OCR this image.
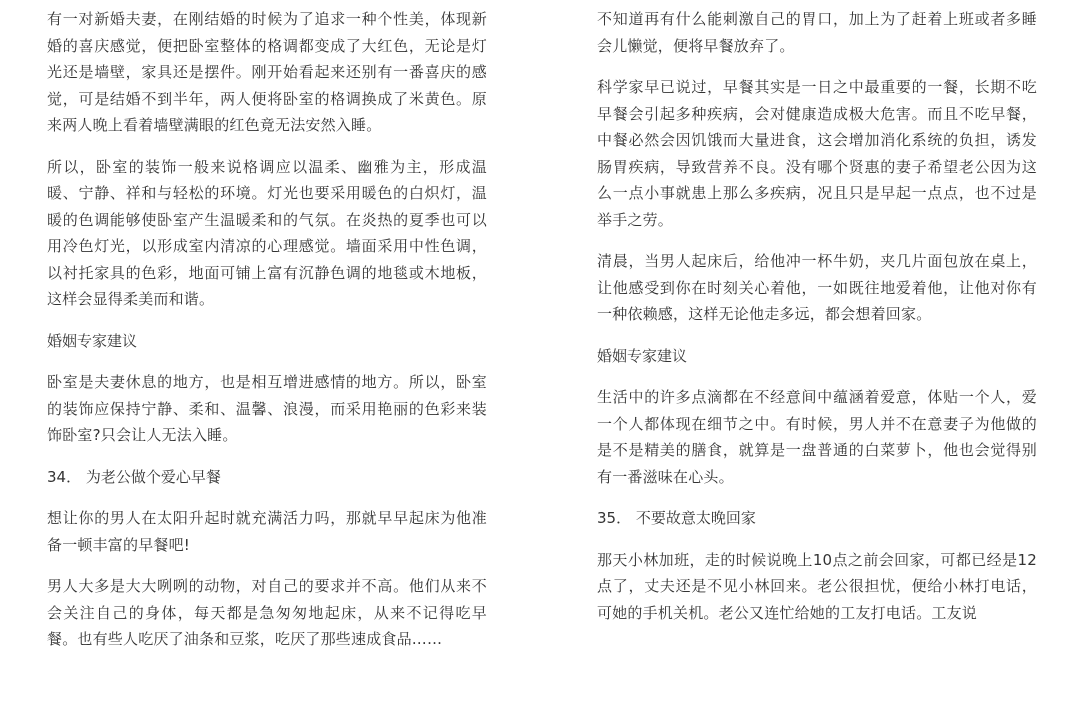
有一对新婚夫妻，在刚结婚的时候为了追求一种个性美，体现新婚的喜庆感觉，便把卧室整体的格调都变成了大红色，无论是灯光还是墙壁，家具还是摆件。刚开始看起来还别有一番喜庆的感觉，可是结婚不到半年，两人便将卧室的格调换成了米黄色。原来两人晚上看着墙壁满眼的红色竟无法安然入睡。

所以，卧室的装饰一般来说格调应以温柔、幽雅为主，形成温暖、宁静、祥和与轻松的环境。灯光也要采用暖色的白炽灯，温暖的色调能够使卧室产生温暖柔和的气氛。在炎热的夏季也可以用冷色灯光，以形成室内清凉的心理感觉。墙面采用中性色调，以衬托家具的色彩，地面可铺上富有沉静色调的地毯或木地板，这样会显得柔美而和谐。

婚姻专家建议

卧室是夫妻休息的地方，也是相互增进感情的地方。所以，卧室的装饰应保持宁静、柔和、温馨、浪漫，而采用艳丽的色彩来装饰卧室?只会让人无法入睡。

34． 为老公做个爱心早餐

想让你的男人在太阳升起时就充满活力吗，那就早早起床为他准备一顿丰富的早餐吧!

男人大多是大大咧咧的动物，对自己的要求并不高。他们从来不会关注自己的身体，每天都是急匆匆地起床，从来不记得吃早餐。也有些人吃厌了油条和豆浆，吃厌了那些速成食品……

不知道再有什么能刺激自己的胃口，加上为了赶着上班或者多睡会儿懒觉，便将早餐放弃了。

科学家早已说过，早餐其实是一日之中最重要的一餐，长期不吃早餐会引起多种疾病，会对健康造成极大危害。而且不吃早餐，中餐必然会因饥饿而大量进食，这会增加消化系统的负担，诱发肠胃疾病，导致营养不良。没有哪个贤惠的妻子希望老公因为这么一点小事就患上那么多疾病，况且只是早起一点点，也不过是举手之劳。

清晨，当男人起床后，给他冲一杯牛奶，夹几片面包放在桌上，让他感受到你在时刻关心着他，一如既往地爱着他，让他对你有一种依赖感，这样无论他走多远，都会想着回家。

婚姻专家建议

生活中的许多点滴都在不经意间中蕴涵着爱意，体贴一个人，爱一个人都体现在细节之中。有时候，男人并不在意妻子为他做的是不是精美的膳食，就算是一盘普通的白菜萝卜，他也会觉得别有一番滋味在心头。

35． 不要故意太晚回家

那天小林加班，走的时候说晚上10点之前会回家，可都已经是12点了，丈夫还是不见小林回来。老公很担忧，便给小林打电话，可她的手机关机。老公又连忙给她的工友打电话。工友说
